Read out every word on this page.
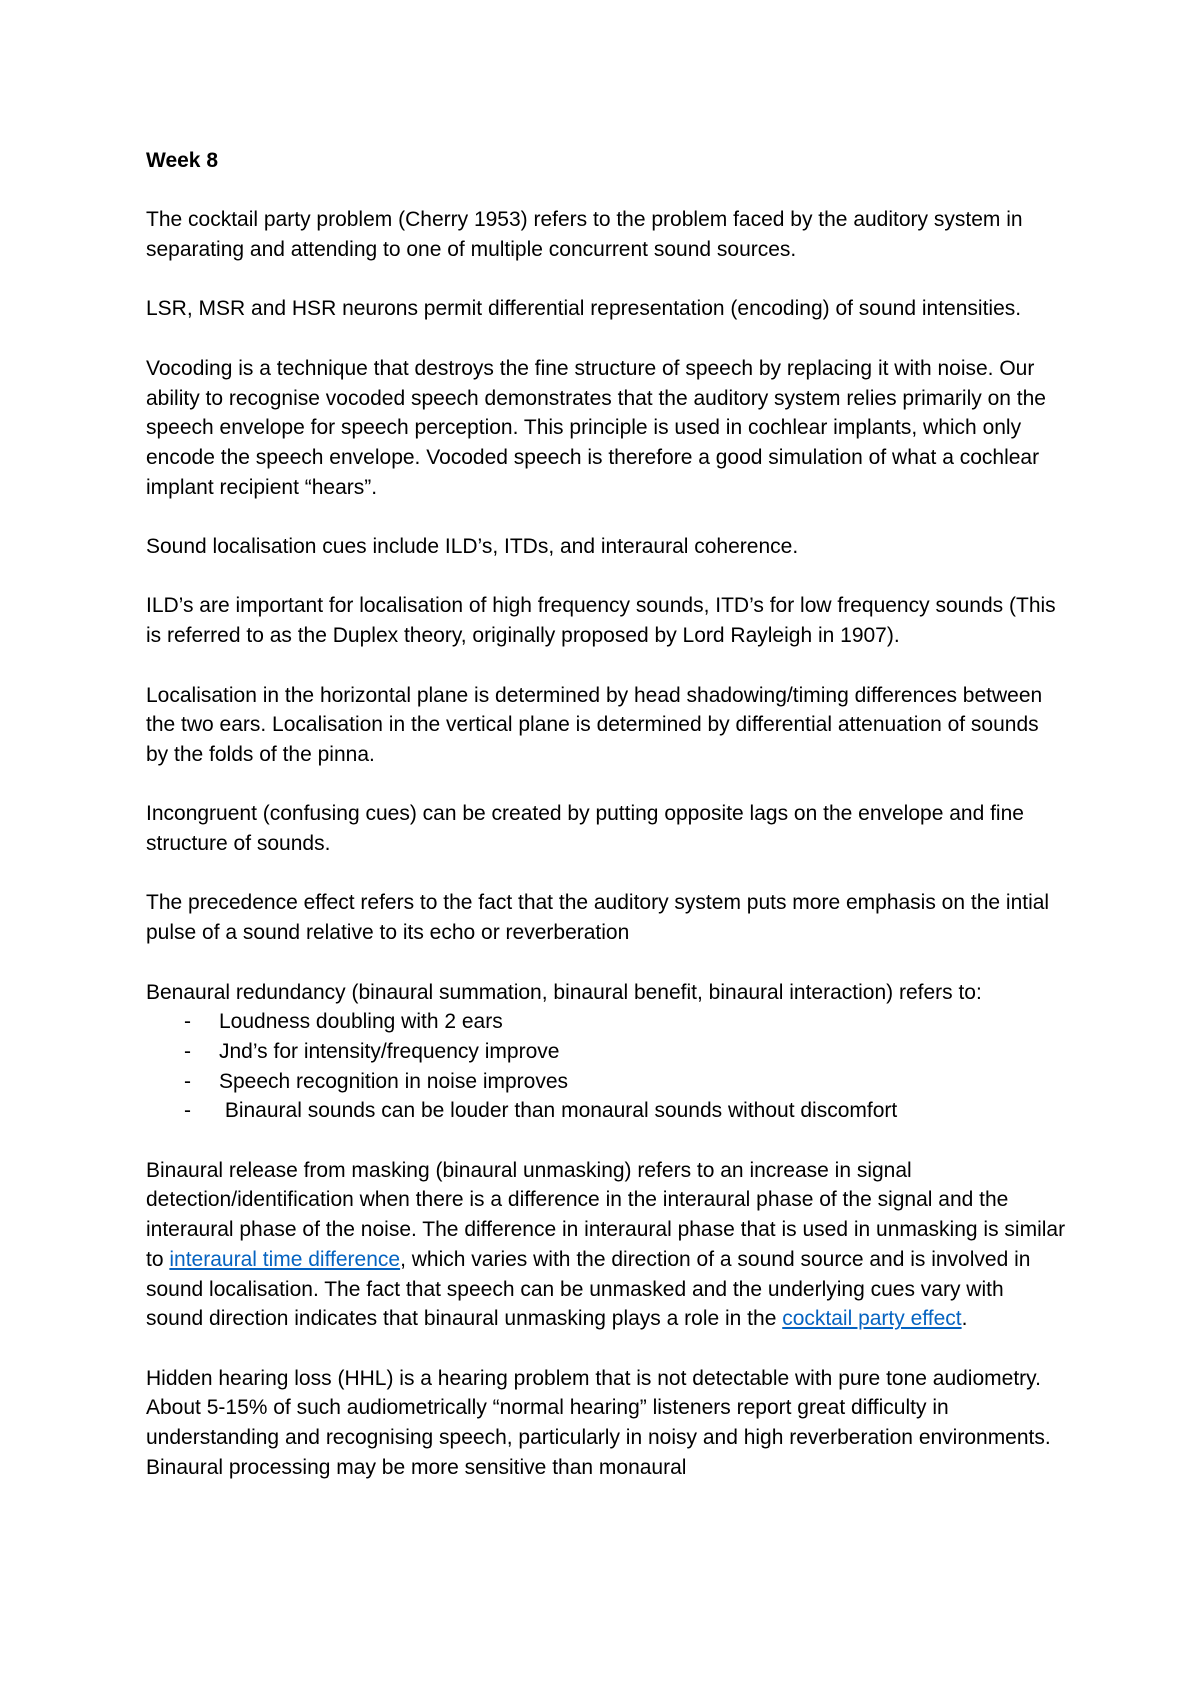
Week 8

The cocktail party problem (Cherry 1953) refers to the problem faced by the auditory system in separating and attending to one of multiple concurrent sound sources.

LSR, MSR and HSR neurons permit differential representation (encoding) of sound intensities.

Vocoding is a technique that destroys the fine structure of speech by replacing it with noise. Our ability to recognise vocoded speech demonstrates that the auditory system relies primarily on the speech envelope for speech perception. This principle is used in cochlear implants, which only encode the speech envelope. Vocoded speech is therefore a good simulation of what a cochlear implant recipient “hears”.

Sound localisation cues include ILD’s, ITDs, and interaural coherence.

ILD’s are important for localisation of high frequency sounds, ITD’s for low frequency sounds (This is referred to as the Duplex theory, originally proposed by Lord Rayleigh in 1907).

Localisation in the horizontal plane is determined by head shadowing/timing differences between the two ears. Localisation in the vertical plane is determined by differential attenuation of sounds by the folds of the pinna.

Incongruent (confusing cues) can be created by putting opposite lags on the envelope and fine structure of sounds.

The precedence effect refers to the fact that the auditory system puts more emphasis on the intial pulse of a sound relative to its echo or reverberation

Benaural redundancy (binaural summation, binaural benefit, binaural interaction) refers to:
- Loudness doubling with 2 ears
- Jnd’s for intensity/frequency improve
- Speech recognition in noise improves
- Binaural sounds can be louder than monaural sounds without discomfort

Binaural release from masking (binaural unmasking) refers to an increase in signal detection/identification when there is a difference in the interaural phase of the signal and the interaural phase of the noise. The difference in interaural phase that is used in unmasking is similar to interaural time difference, which varies with the direction of a sound source and is involved in sound localisation. The fact that speech can be unmasked and the underlying cues vary with sound direction indicates that binaural unmasking plays a role in the cocktail party effect.

Hidden hearing loss (HHL) is a hearing problem that is not detectable with pure tone audiometry. About 5-15% of such audiometrically “normal hearing” listeners report great difficulty in understanding and recognising speech, particularly in noisy and high reverberation environments. Binaural processing may be more sensitive than monaural
